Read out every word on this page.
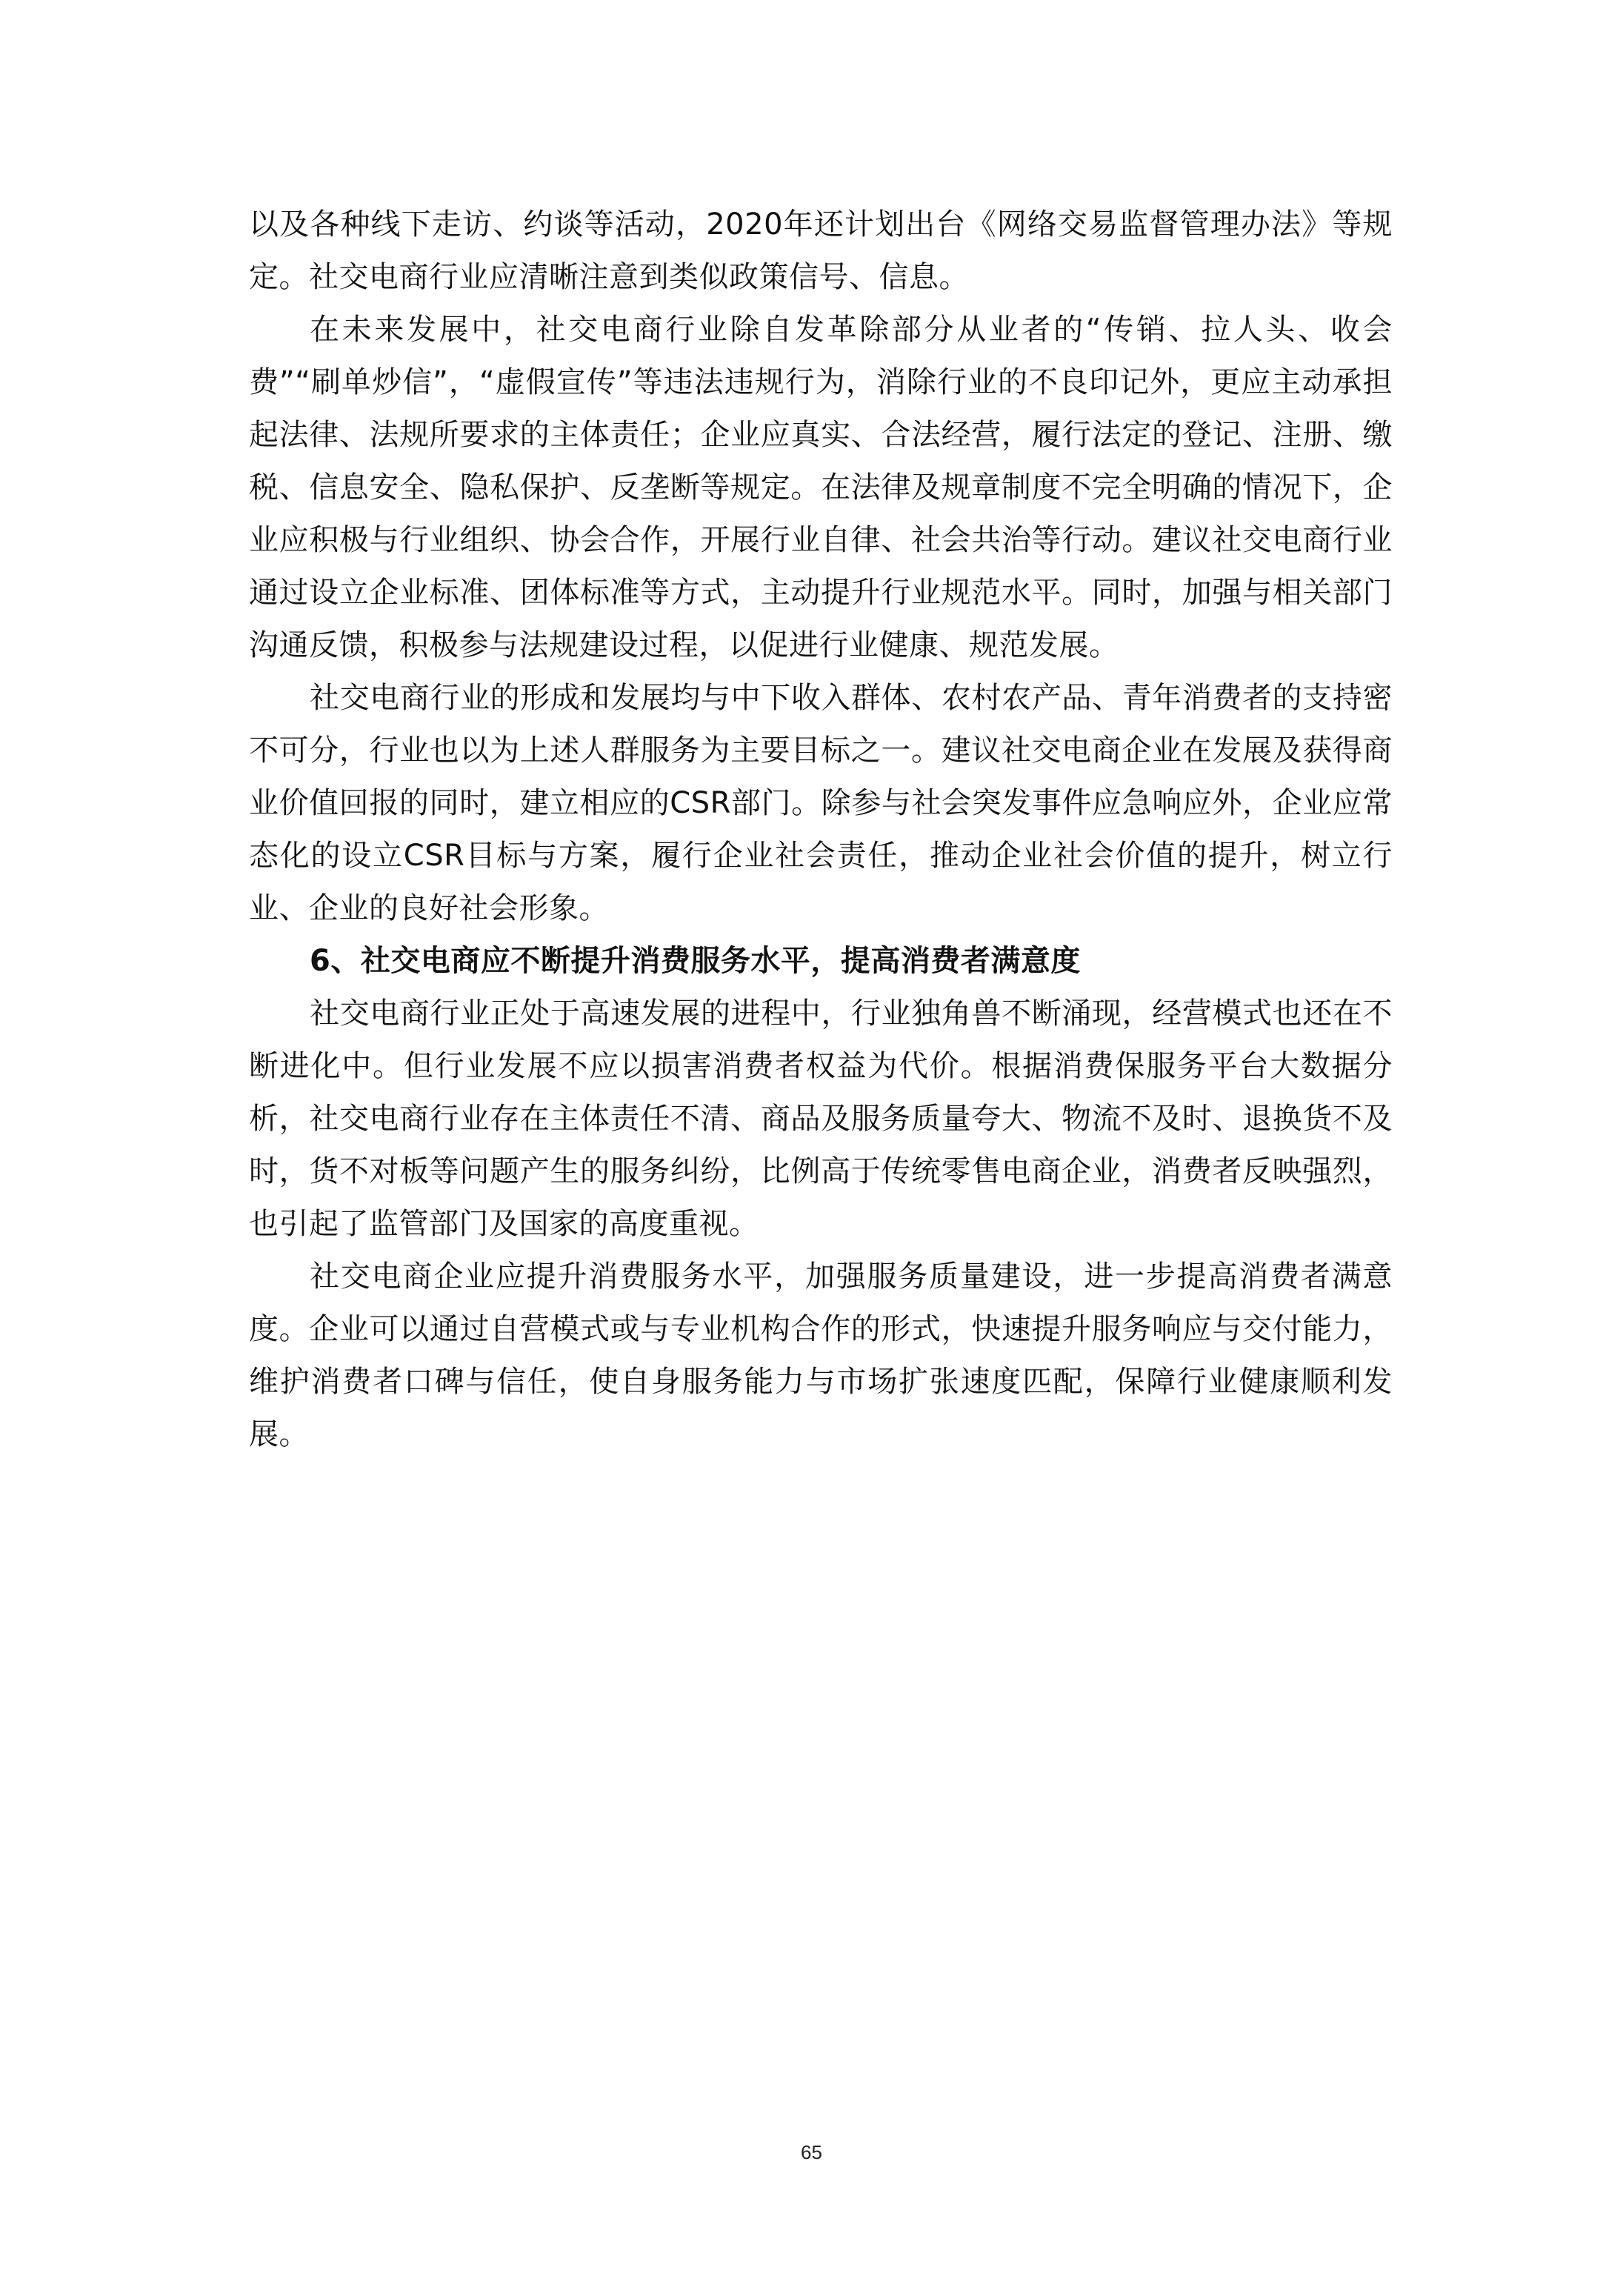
以及各种线下走访、约谈等活动，2020年还计划出台《网络交易监督管理办法》等规定。社交电商行业应清晰注意到类似政策信号、信息。

在未来发展中，社交电商行业除自发革除部分从业者的“传销、拉人头、收会费”“刷单炒信”，“虚假宣传”等违法违规行为，消除行业的不良印记外，更应主动承担起法律、法规所要求的主体责任；企业应真实、合法经营，履行法定的登记、注册、缴税、信息安全、隐私保护、反垄断等规定。在法律及规章制度不完全明确的情况下，企业应积极与行业组织、协会合作，开展行业自律、社会共治等行动。建议社交电商行业通过设立企业标准、团体标准等方式，主动提升行业规范水平。同时，加强与相关部门沟通反馈，积极参与法规建设过程，以促进行业健康、规范发展。

社交电商行业的形成和发展均与中下收入群体、农村农产品、青年消费者的支持密不可分，行业也以为上述人群服务为主要目标之一。建议社交电商企业在发展及获得商业价值回报的同时，建立相应的CSR部门。除参与社会突发事件应急响应外，企业应常态化的设立CSR目标与方案，履行企业社会责任，推动企业社会价值的提升，树立行业、企业的良好社会形象。

6、社交电商应不断提升消费服务水平，提高消费者满意度

社交电商行业正处于高速发展的进程中，行业独角兽不断涌现，经营模式也还在不断进化中。但行业发展不应以损害消费者权益为代价。根据消费保服务平台大数据分析，社交电商行业存在主体责任不清、商品及服务质量夸大、物流不及时、退换货不及时，货不对板等问题产生的服务纠纷，比例高于传统零售电商企业，消费者反映强烈，也引起了监管部门及国家的高度重视。

社交电商企业应提升消费服务水平，加强服务质量建设，进一步提高消费者满意度。企业可以通过自营模式或与专业机构合作的形式，快速提升服务响应与交付能力，维护消费者口碑与信任，使自身服务能力与市场扩张速度匹配，保障行业健康顺利发展。

65
